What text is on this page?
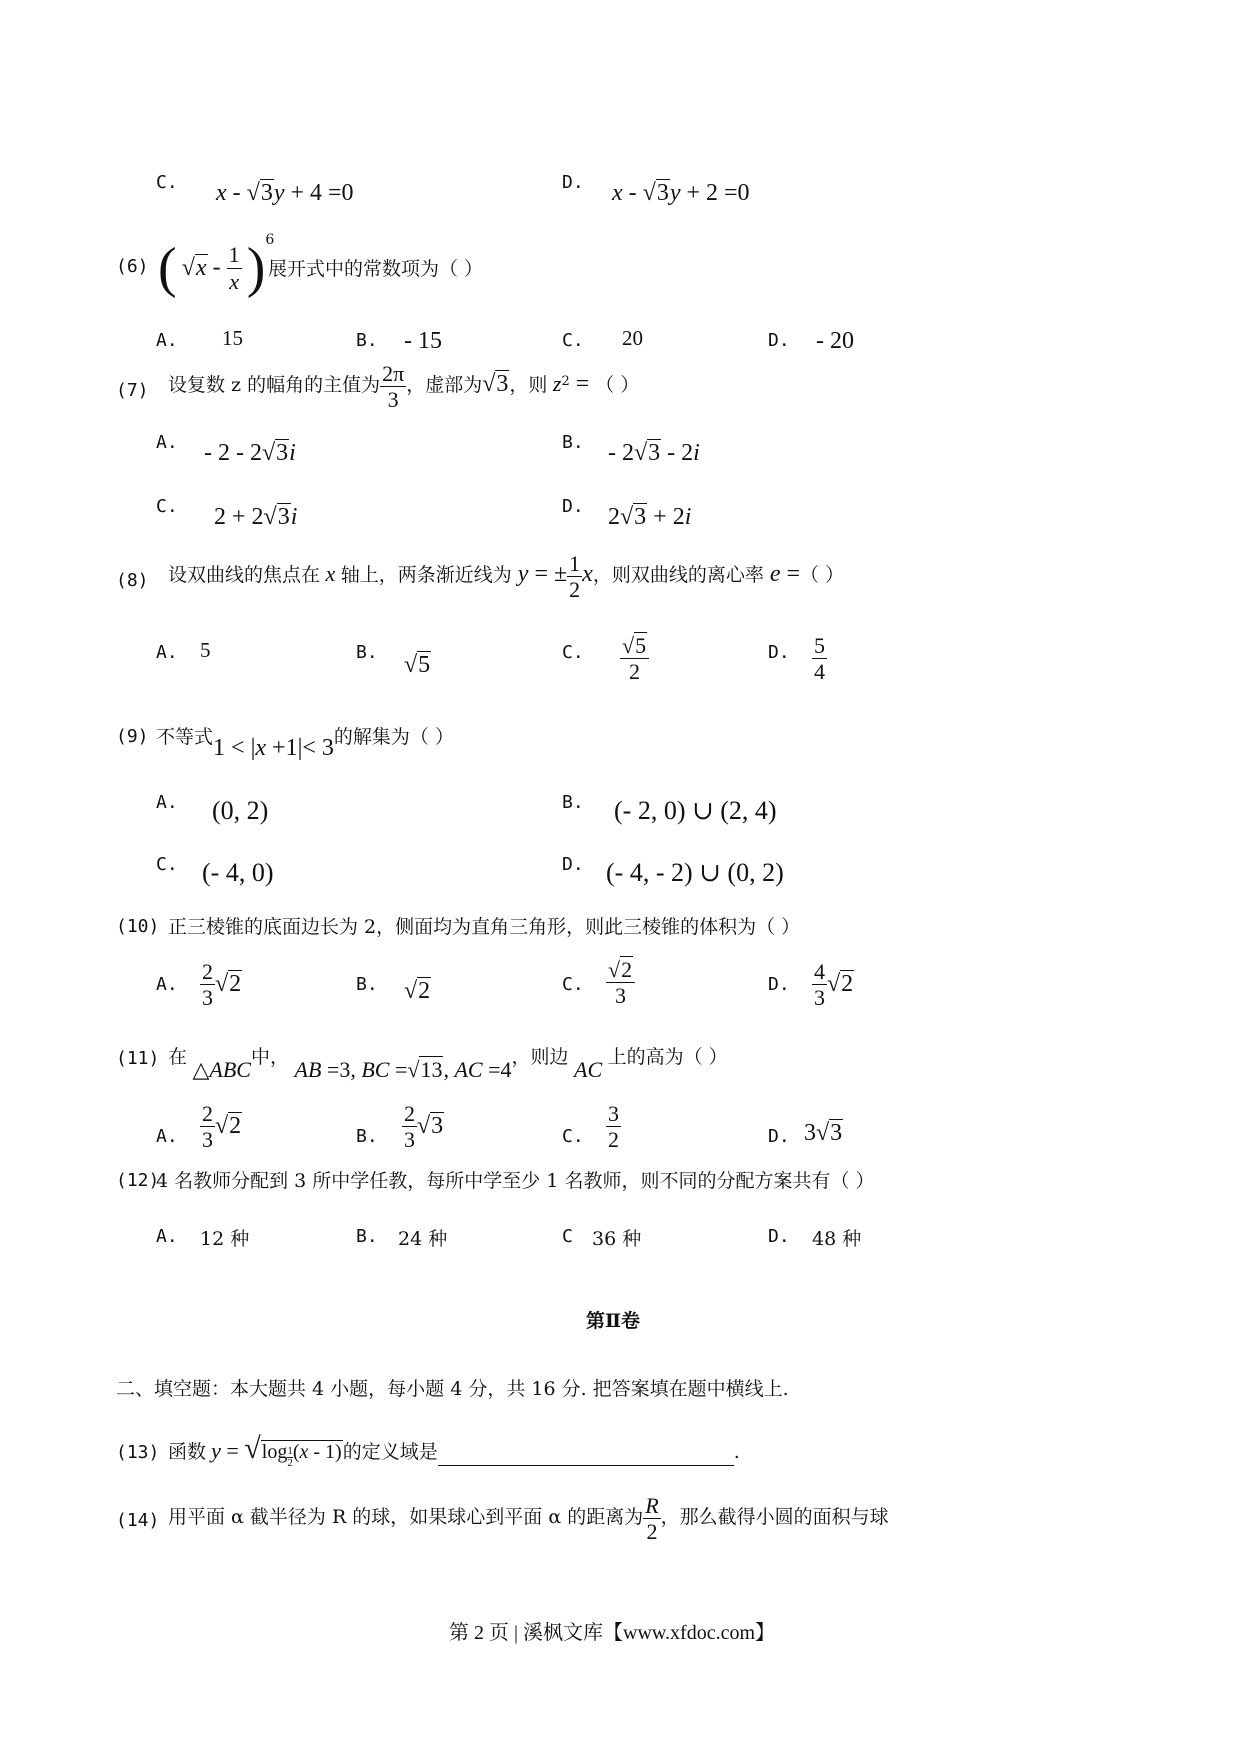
C. x - √3y + 4 =0	D. x - √3y + 2 =0
(6) ( $√x - \frac{1}{x} )^6$
展开式中的常数项为（ ）
A. 15	B. - 15	C. 20	D. - 20
(7) 设复数 z 的幅角的主值为 $\frac{2\pi}{3}$ ，虚部为√3，则 $z^2$ = （ ）
A. - 2 - 2√3i	B. - 2√3 - 2i
C. 2 + 2√3i	D. 2√3 + 2i
(8) 设双曲线的焦点在 x 轴上，两条渐近线为 y = ± $\frac{1}{2}$ x，则双曲线的离心率 e =（ ）
A. 5	B. √5	C. $\frac{√5}{2}$	D. $\frac{5}{4}$
(9) 不等式1 < |x +1|< 3的解集为（ ）
A. (0, 2)	B. (- 2, 0) ∪ (2, 4)
C. (- 4, 0)	D. (- 4, - 2) ∪ (0, 2)
(10) 正三棱锥的底面边长为 2，侧面均为直角三角形，则此三棱锥的体积为（ ）
A. $\frac{2}{3} √2$	B. √2	C. $\frac{√2}{3}$	D. $\frac{4}{3} √2$
(11) 在 △ABC中， AB =3, BC =√13, AC =4，则边 AC 上的高为（ ）
A. $\frac{2}{3} √2$	B. $\frac{2}{3} √3$	C. $\frac{3}{2}$	D. 3√3
(12)
4 名教师分配到 3 所中学任教，每所中学至少 1 名教师，则不同的分配方案共有（ ）
A. 12 种	B. 24 种	C 36 种	D. 48 种
第Ⅱ卷
二、填空题：本大题共 4 小题，每小题 4 分，共 16 分. 把答案填在题中横线上.
(13) 函数 y = √log $_{\frac{1}{2}}$ (x - 1)的定义域是	.
(14) 用平面 α 截半径为 R 的球，如果球心到平面 α 的距离为 $\frac{R}{2}$ ，那么截得小圆的面积与球
第 2 页 | 溪枫文库【www.xfdoc.com】
